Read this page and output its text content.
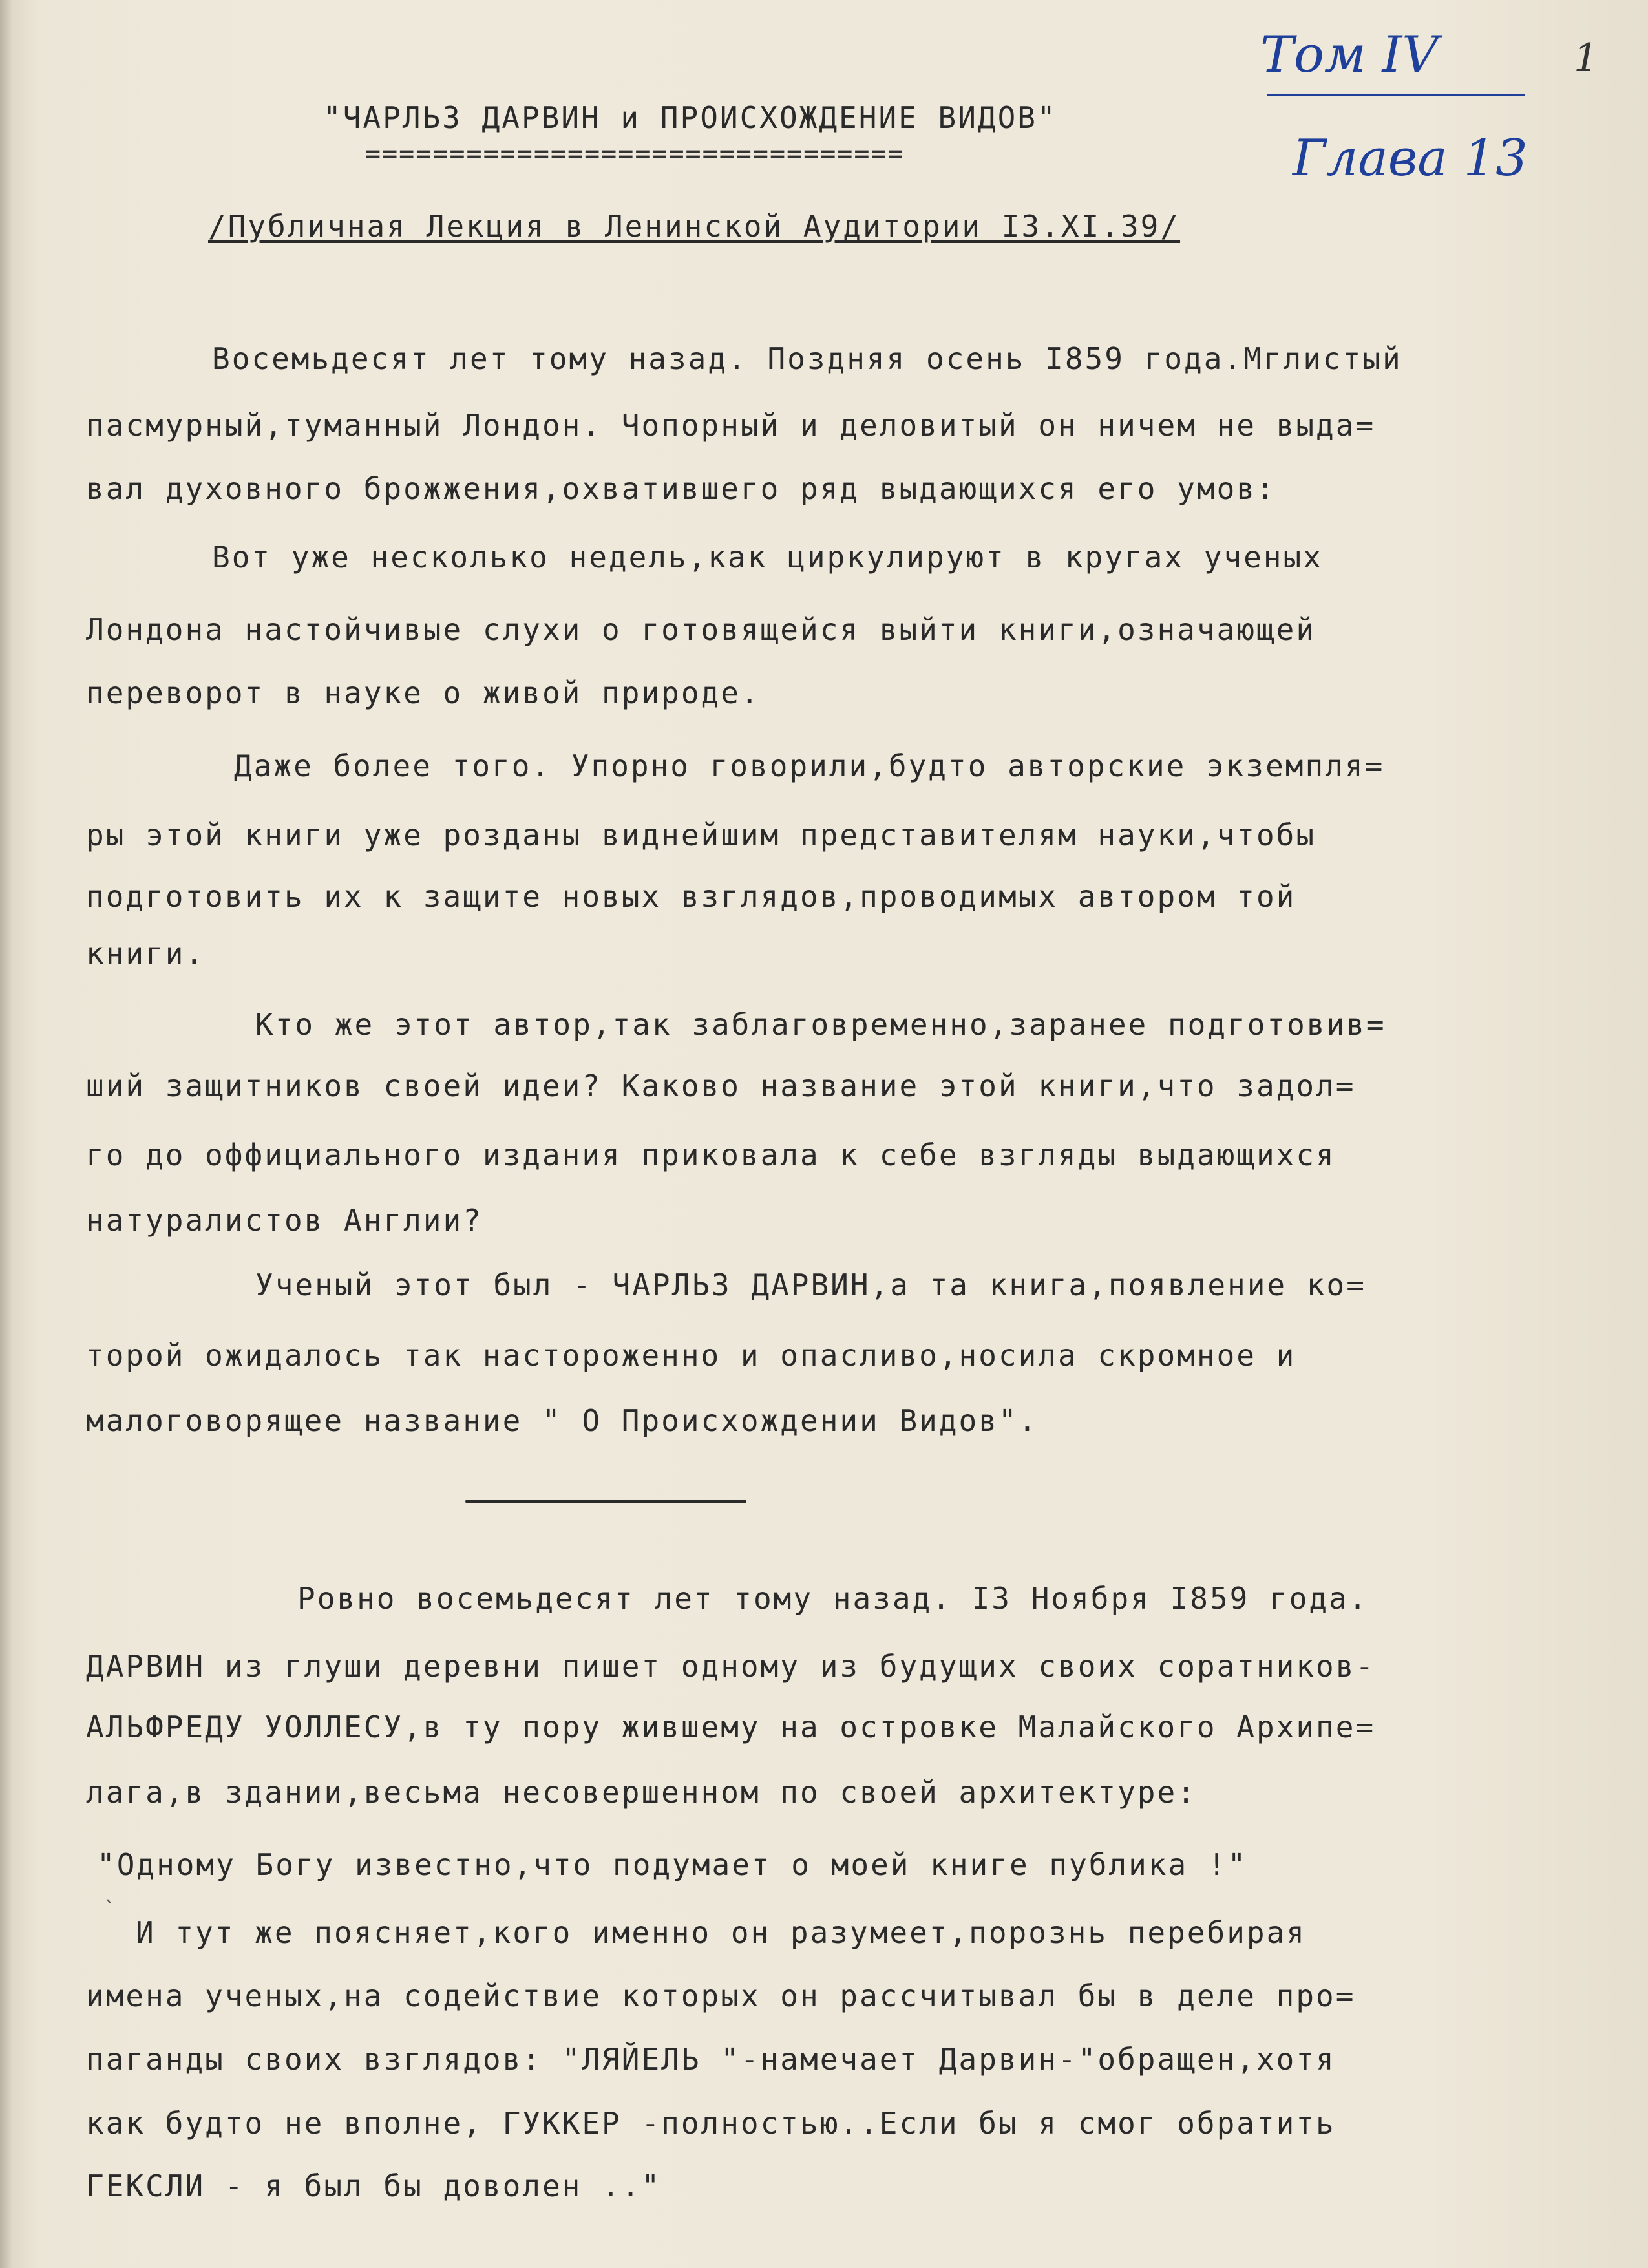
Том IV	1
Глава 13
"ЧАРЛЬЗ ДАРВИН и ПРОИСХОЖДЕНИЕ ВИДОВ"
================================
/Публичная Лекция в Ленинской Аудитории I3.XI.39/
Восемьдесят лет тому назад. Поздняя осень I859 года.Мглистый
пасмурный,туманный Лондон. Чопорный и деловитый он ничем не выда=
вал духовного брожжения,охватившего ряд выдающихся его умов:
Вот уже несколько недель,как циркулируют в кругах ученых
Лондона настойчивые слухи о готовящейся выйти книги,означающей
переворот в науке о живой природе.
Даже более того. Упорно говорили,будто авторские экземпля=
ры этой книги уже розданы виднейшим представителям науки,чтобы
подготовить их к защите новых взглядов,проводимых автором той
книги.
Кто же этот автор,так заблаговременно,заранее подготовив=
ший защитников своей идеи? Каково название этой книги,что задол=
го до оффициального издания приковала к себе взгляды выдающихся
натуралистов Англии?
Ученый этот был - ЧАРЛЬЗ ДАРВИН,а та книга,появление ко=
торой ожидалось так настороженно и опасливо,носила скромное и
малоговорящее название " О Происхождении Видов".
Ровно восемьдесят лет тому назад. I3 Ноября I859 года.
ДАРВИН из глуши деревни пишет одному из будущих своих соратников-
АЛЬФРЕДУ УОЛЛЕСУ,в ту пору жившему на островке Малайского Архипе=
лага,в здании,весьма несовершенном по своей архитектуре:
"Одному Богу известно,что подумает о моей книге публика !"
`
И тут же поясняет,кого именно он разумеет,порознь перебирая
имена ученых,на содействие которых он рассчитывал бы в деле про=
паганды своих взглядов: "ЛЯЙЕЛЬ "-намечает Дарвин-"обращен,хотя
как будто не вполне, ГУККЕР -полностью..Если бы я смог обратить
ГЕКСЛИ - я был бы доволен .."
